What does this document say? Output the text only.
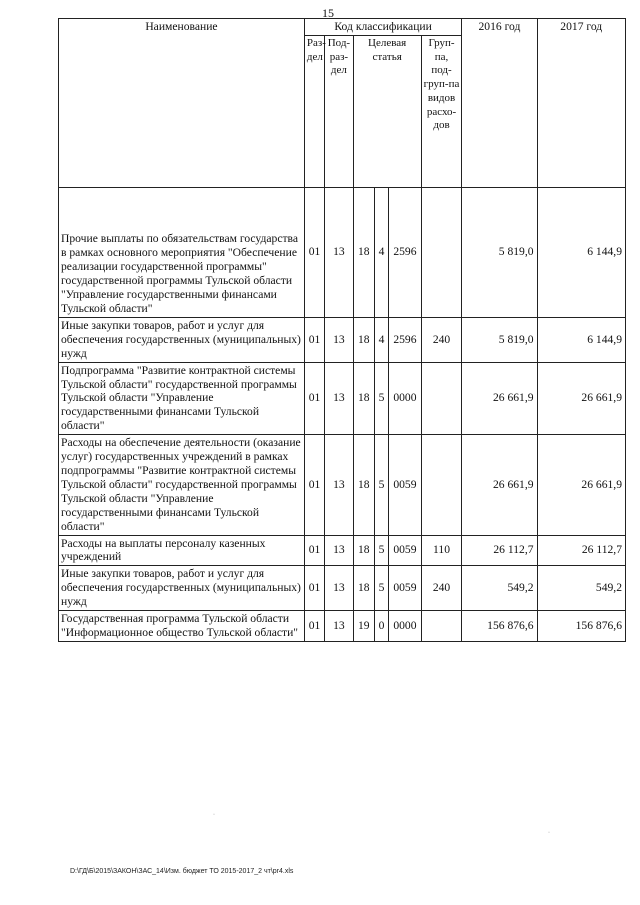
15
Наименование	Код классификации						2016 год	2017 год
	Раз-дел	Под-раз-дел	Целевая статья			Груп-па, под-груп-па видов расхо-дов		
Прочие выплаты по обязательствам государства в рамках основного мероприятия "Обеспечение реализации государственной программы" государственной программы Тульской области "Управление государственными финансами Тульской области"	01	13	18	4	2596		5 819,0	6 144,9
Иные закупки товаров, работ и услуг для обеспечения государственных (муниципальных) нужд	01	13	18	4	2596	240	5 819,0	6 144,9
Подпрограмма "Развитие контрактной системы Тульской области" государственной программы Тульской области "Управление государственными финансами Тульской области"	01	13	18	5	0000		26 661,9	26 661,9
Расходы на обеспечение деятельности (оказание услуг) государственных учреждений в рамках подпрограммы "Развитие контрактной системы Тульской области" государственной программы Тульской области "Управление государственными финансами Тульской области"	01	13	18	5	0059		26 661,9	26 661,9
Расходы на выплаты персоналу казенных учреждений	01	13	18	5	0059	110	26 112,7	26 112,7
Иные закупки товаров, работ и услуг для обеспечения государственных (муниципальных) нужд	01	13	18	5	0059	240	549,2	549,2
Государственная программа Тульской области "Информационное общество Тульской области"	01	13	19	0	0000		156 876,6	156 876,6
·
·
D:\ГД\Б\2015\ЗАКОН\ЗАС_14\Изм. бюджет ТО 2015-2017_2 чт\pr4.xls
